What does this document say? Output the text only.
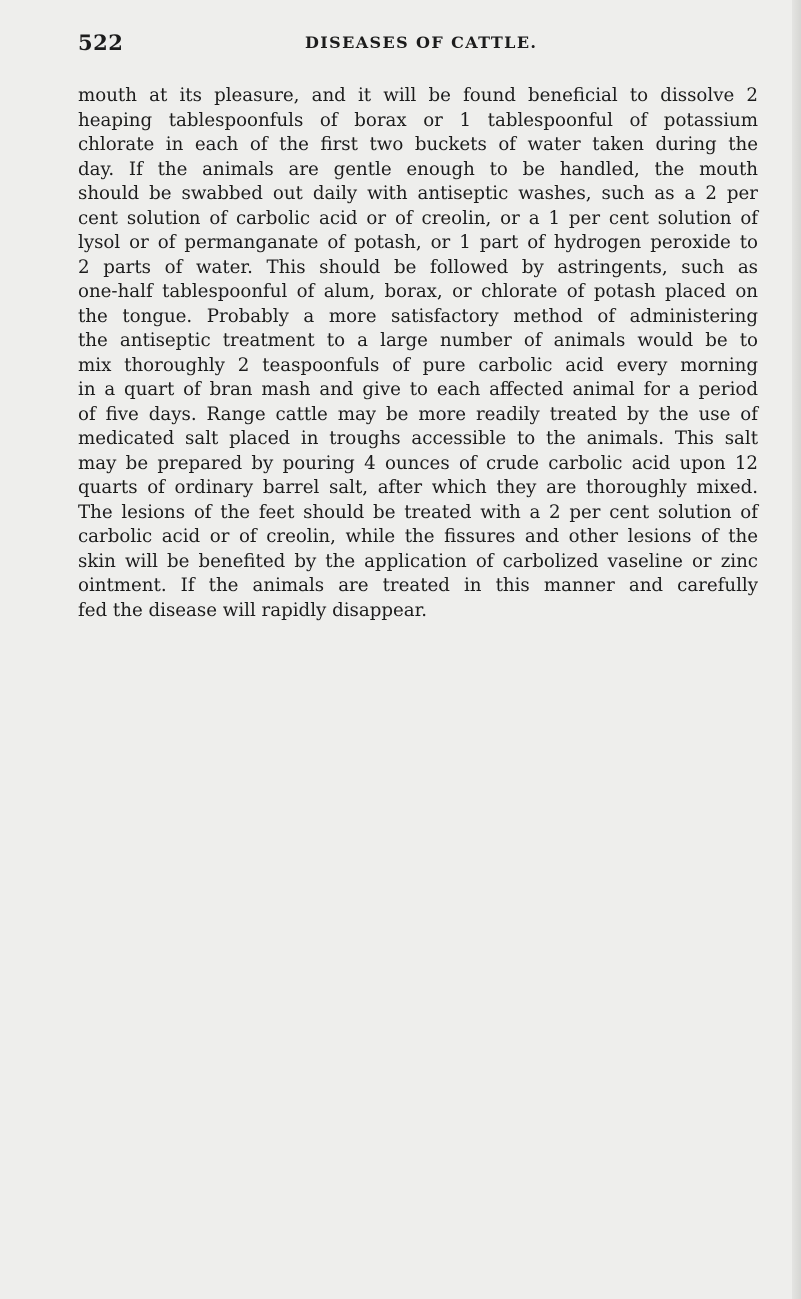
522	DISEASES OF CATTLE.
mouth at its pleasure, and it will be found beneficial to dissolve 2
heaping tablespoonfuls of borax or 1 tablespoonful of potassium
chlorate in each of the first two buckets of water taken during the
day. If the animals are gentle enough to be handled, the mouth
should be swabbed out daily with antiseptic washes, such as a 2 per
cent solution of carbolic acid or of creolin, or a 1 per cent solution of
lysol or of permanganate of potash, or 1 part of hydrogen peroxide to
2 parts of water. This should be followed by astringents, such as
one-half tablespoonful of alum, borax, or chlorate of potash placed on
the tongue. Probably a more satisfactory method of administering
the antiseptic treatment to a large number of animals would be to
mix thoroughly 2 teaspoonfuls of pure carbolic acid every morning
in a quart of bran mash and give to each affected animal for a period
of five days. Range cattle may be more readily treated by the use of
medicated salt placed in troughs accessible to the animals. This salt
may be prepared by pouring 4 ounces of crude carbolic acid upon 12
quarts of ordinary barrel salt, after which they are thoroughly mixed.
The lesions of the feet should be treated with a 2 per cent solution of
carbolic acid or of creolin, while the fissures and other lesions of the
skin will be benefited by the application of carbolized vaseline or zinc
ointment. If the animals are treated in this manner and carefully
fed the disease will rapidly disappear.
